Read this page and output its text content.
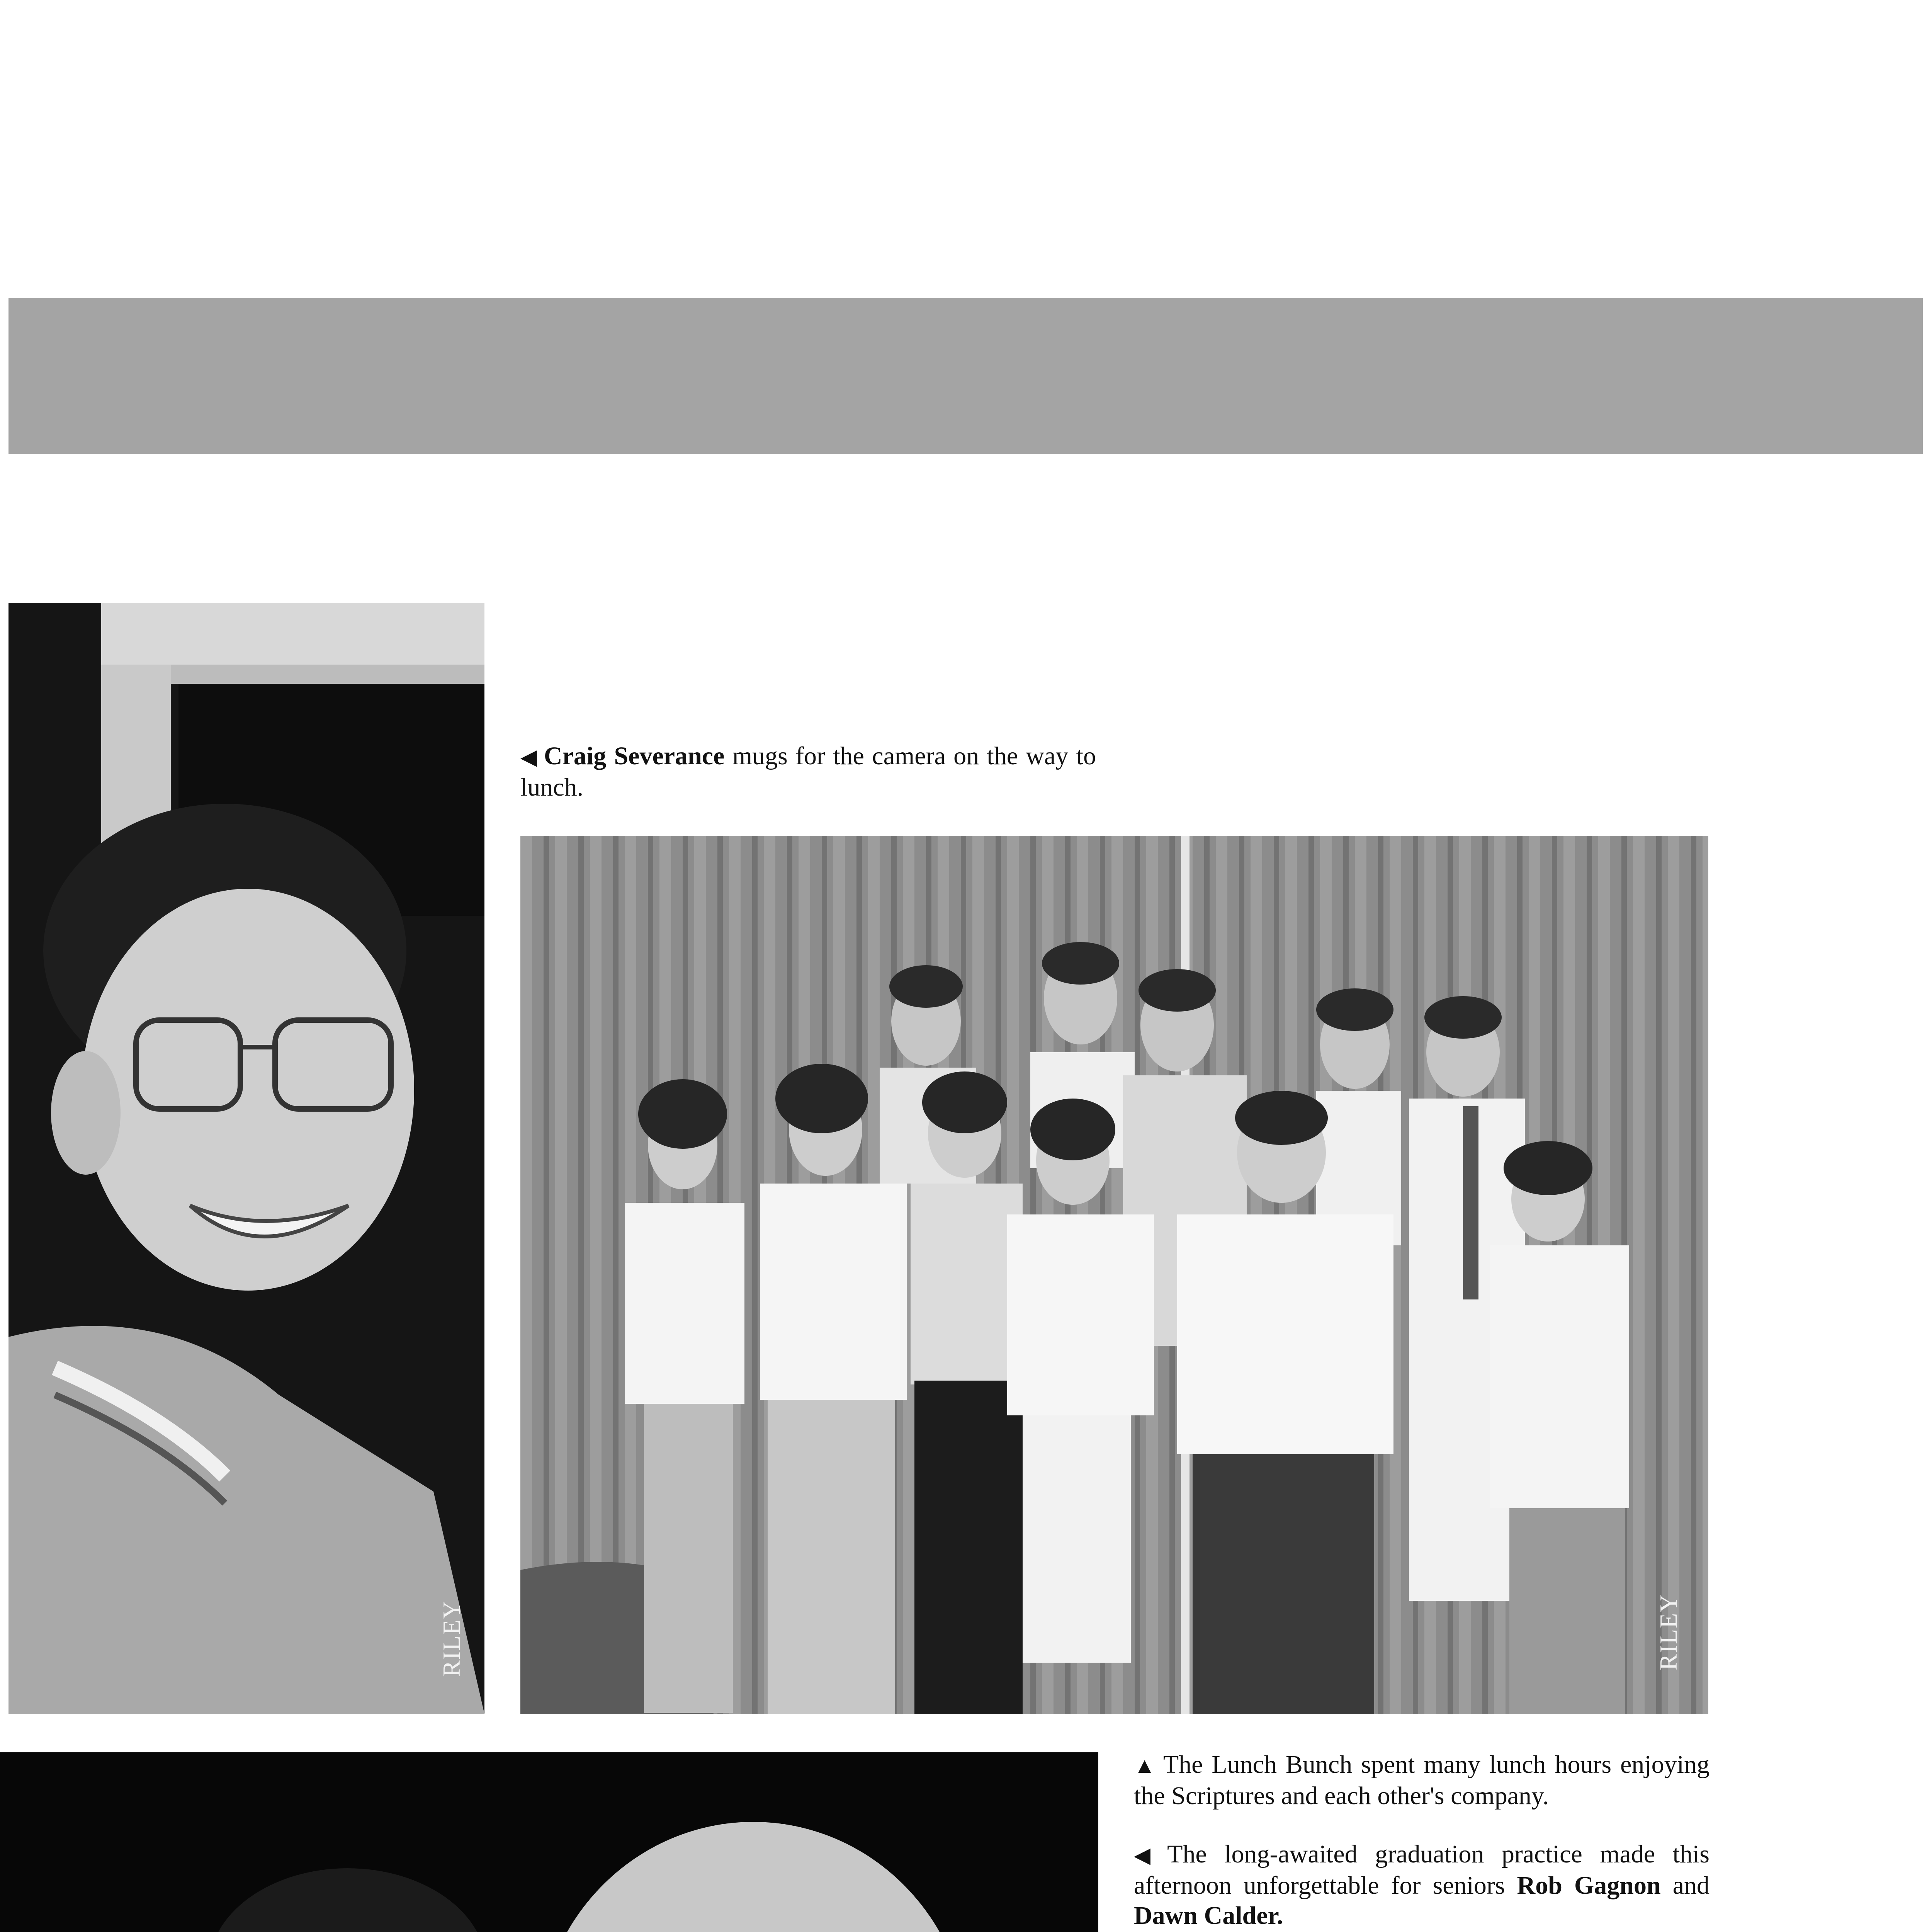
RILEY
◀ Craig Severance mugs for the camera on the way to lunch.
RILEY
▲ The Lunch Bunch spent many lunch hours enjoying the Scriptures and each other's company.
◀ The long-awaited graduation practice made this afternoon unforgettable for seniors Rob Gagnon and Dawn Calder.
